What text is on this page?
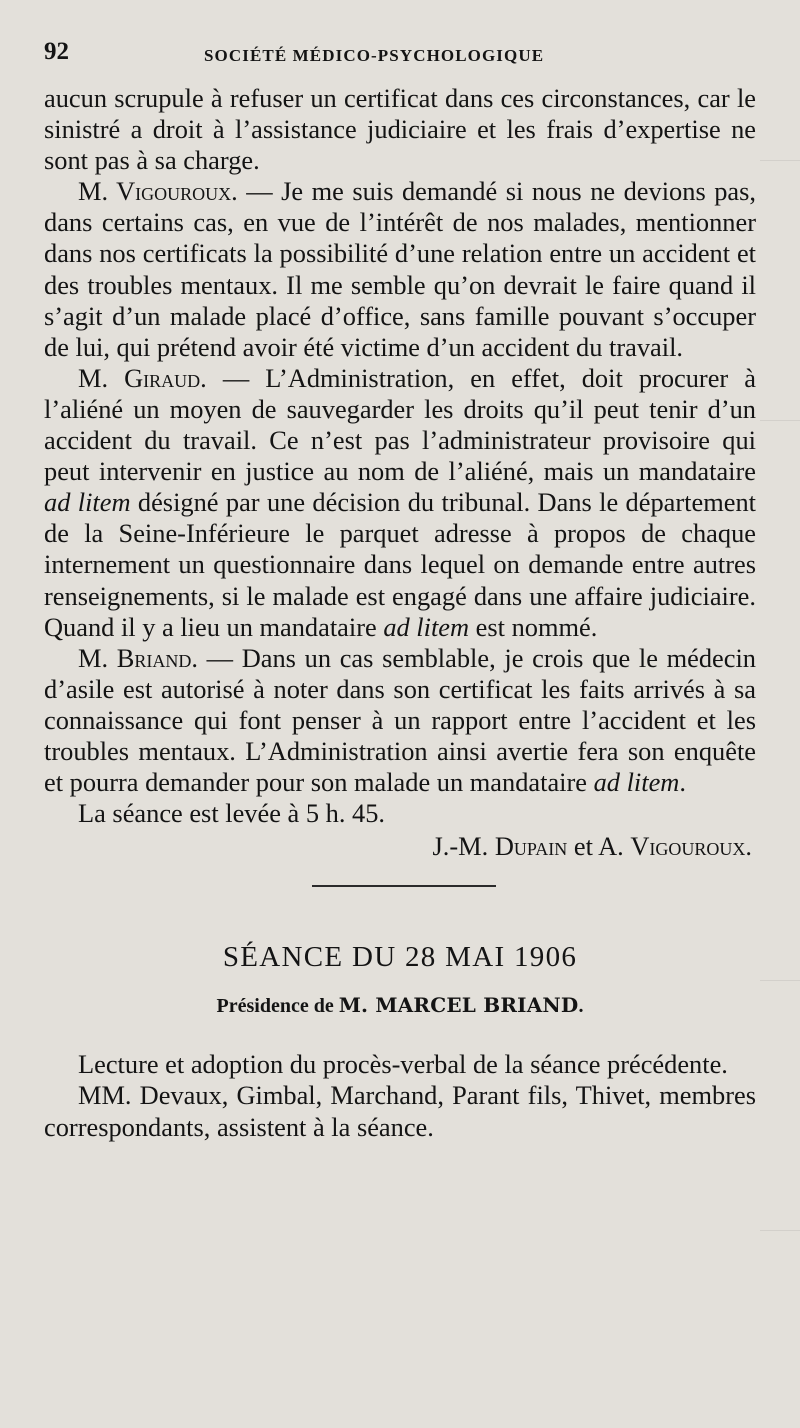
92	SOCIÉTÉ MÉDICO-PSYCHOLOGIQUE

aucun scrupule à refuser un certificat dans ces circonstances, car le sinistré a droit à l’assistance judiciaire et les frais d’expertise ne sont pas à sa charge.

M. Vigouroux. — Je me suis demandé si nous ne devions pas, dans certains cas, en vue de l’intérêt de nos malades, mentionner dans nos certificats la possibilité d’une relation entre un accident et des troubles mentaux. Il me semble qu’on devrait le faire quand il s’agit d’un malade placé d’office, sans famille pouvant s’occuper de lui, qui prétend avoir été victime d’un accident du travail.

M. Giraud. — L’Administration, en effet, doit procurer à l’aliéné un moyen de sauvegarder les droits qu’il peut tenir d’un accident du travail. Ce n’est pas l’administrateur provisoire qui peut intervenir en justice au nom de l’aliéné, mais un mandataire ad litem désigné par une décision du tribunal. Dans le département de la Seine-Inférieure le parquet adresse à propos de chaque internement un questionnaire dans lequel on demande entre autres renseignements, si le malade est engagé dans une affaire judiciaire. Quand il y a lieu un mandataire ad litem est nommé.

M. Briand. — Dans un cas semblable, je crois que le médecin d’asile est autorisé à noter dans son certificat les faits arrivés à sa connaissance qui font penser à un rapport entre l’accident et les troubles mentaux. L’Administration ainsi avertie fera son enquête et pourra demander pour son malade un mandataire ad litem.

La séance est levée à 5 h. 45.

J.-M. Dupain et A. Vigouroux.

SÉANCE DU 28 MAI 1906

Présidence de M. MARCEL BRIAND.

Lecture et adoption du procès-verbal de la séance précédente.

MM. Devaux, Gimbal, Marchand, Parant fils, Thivet, membres correspondants, assistent à la séance.
